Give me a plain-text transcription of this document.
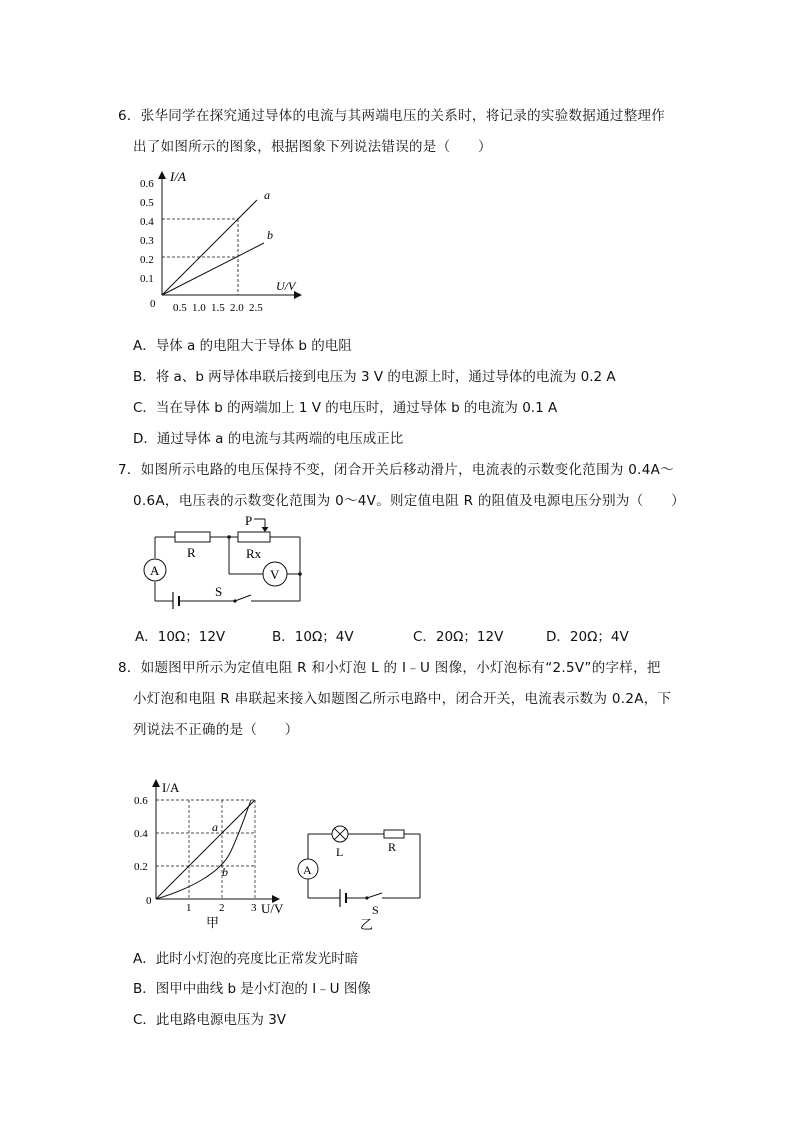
6．张华同学在探究通过导体的电流与其两端电压的关系时，将记录的实验数据通过整理作
出了如图所示的图象，根据图象下列说法错误的是（　　）
I/A
U/V
0
0.6
0.5
0.4
0.3
0.2
0.1
0.5 1.0 1.5 2.0 2.5
a
b
A．导体 a 的电阻大于导体 b 的电阻
B．将 a、b 两导体串联后接到电压为 3 V 的电源上时，通过导体的电流为 0.2 A
C．当在导体 b 的两端加上 1 V 的电压时，通过导体 b 的电流为 0.1 A
D．通过导体 a 的电流与其两端的电压成正比
7．如图所示电路的电压保持不变，闭合开关后移动滑片，电流表的示数变化范围为 0.4A～
0.6A，电压表的示数变化范围为 0～4V。则定值电阻 R 的阻值及电源电压分别为（　　）
R
P
Rx
A	V
S
A．10Ω；12V	B．10Ω；4V	C．20Ω；12V	D．20Ω；4V
8．如题图甲所示为定值电阻 R 和小灯泡 L 的 I﹣U 图像，小灯泡标有“2.5V”的字样，把
小灯泡和电阻 R 串联起来接入如题图乙所示电路中，闭合开关，电流表示数为 0.2A，下
列说法不正确的是（　　）
I/A
U/V
0
0.6
0.4
0.2
1	2 3
a
b
甲
L	R
A
S
乙
A．此时小灯泡的亮度比正常发光时暗
B．图甲中曲线 b 是小灯泡的 I﹣U 图像
C．此电路电源电压为 3V
